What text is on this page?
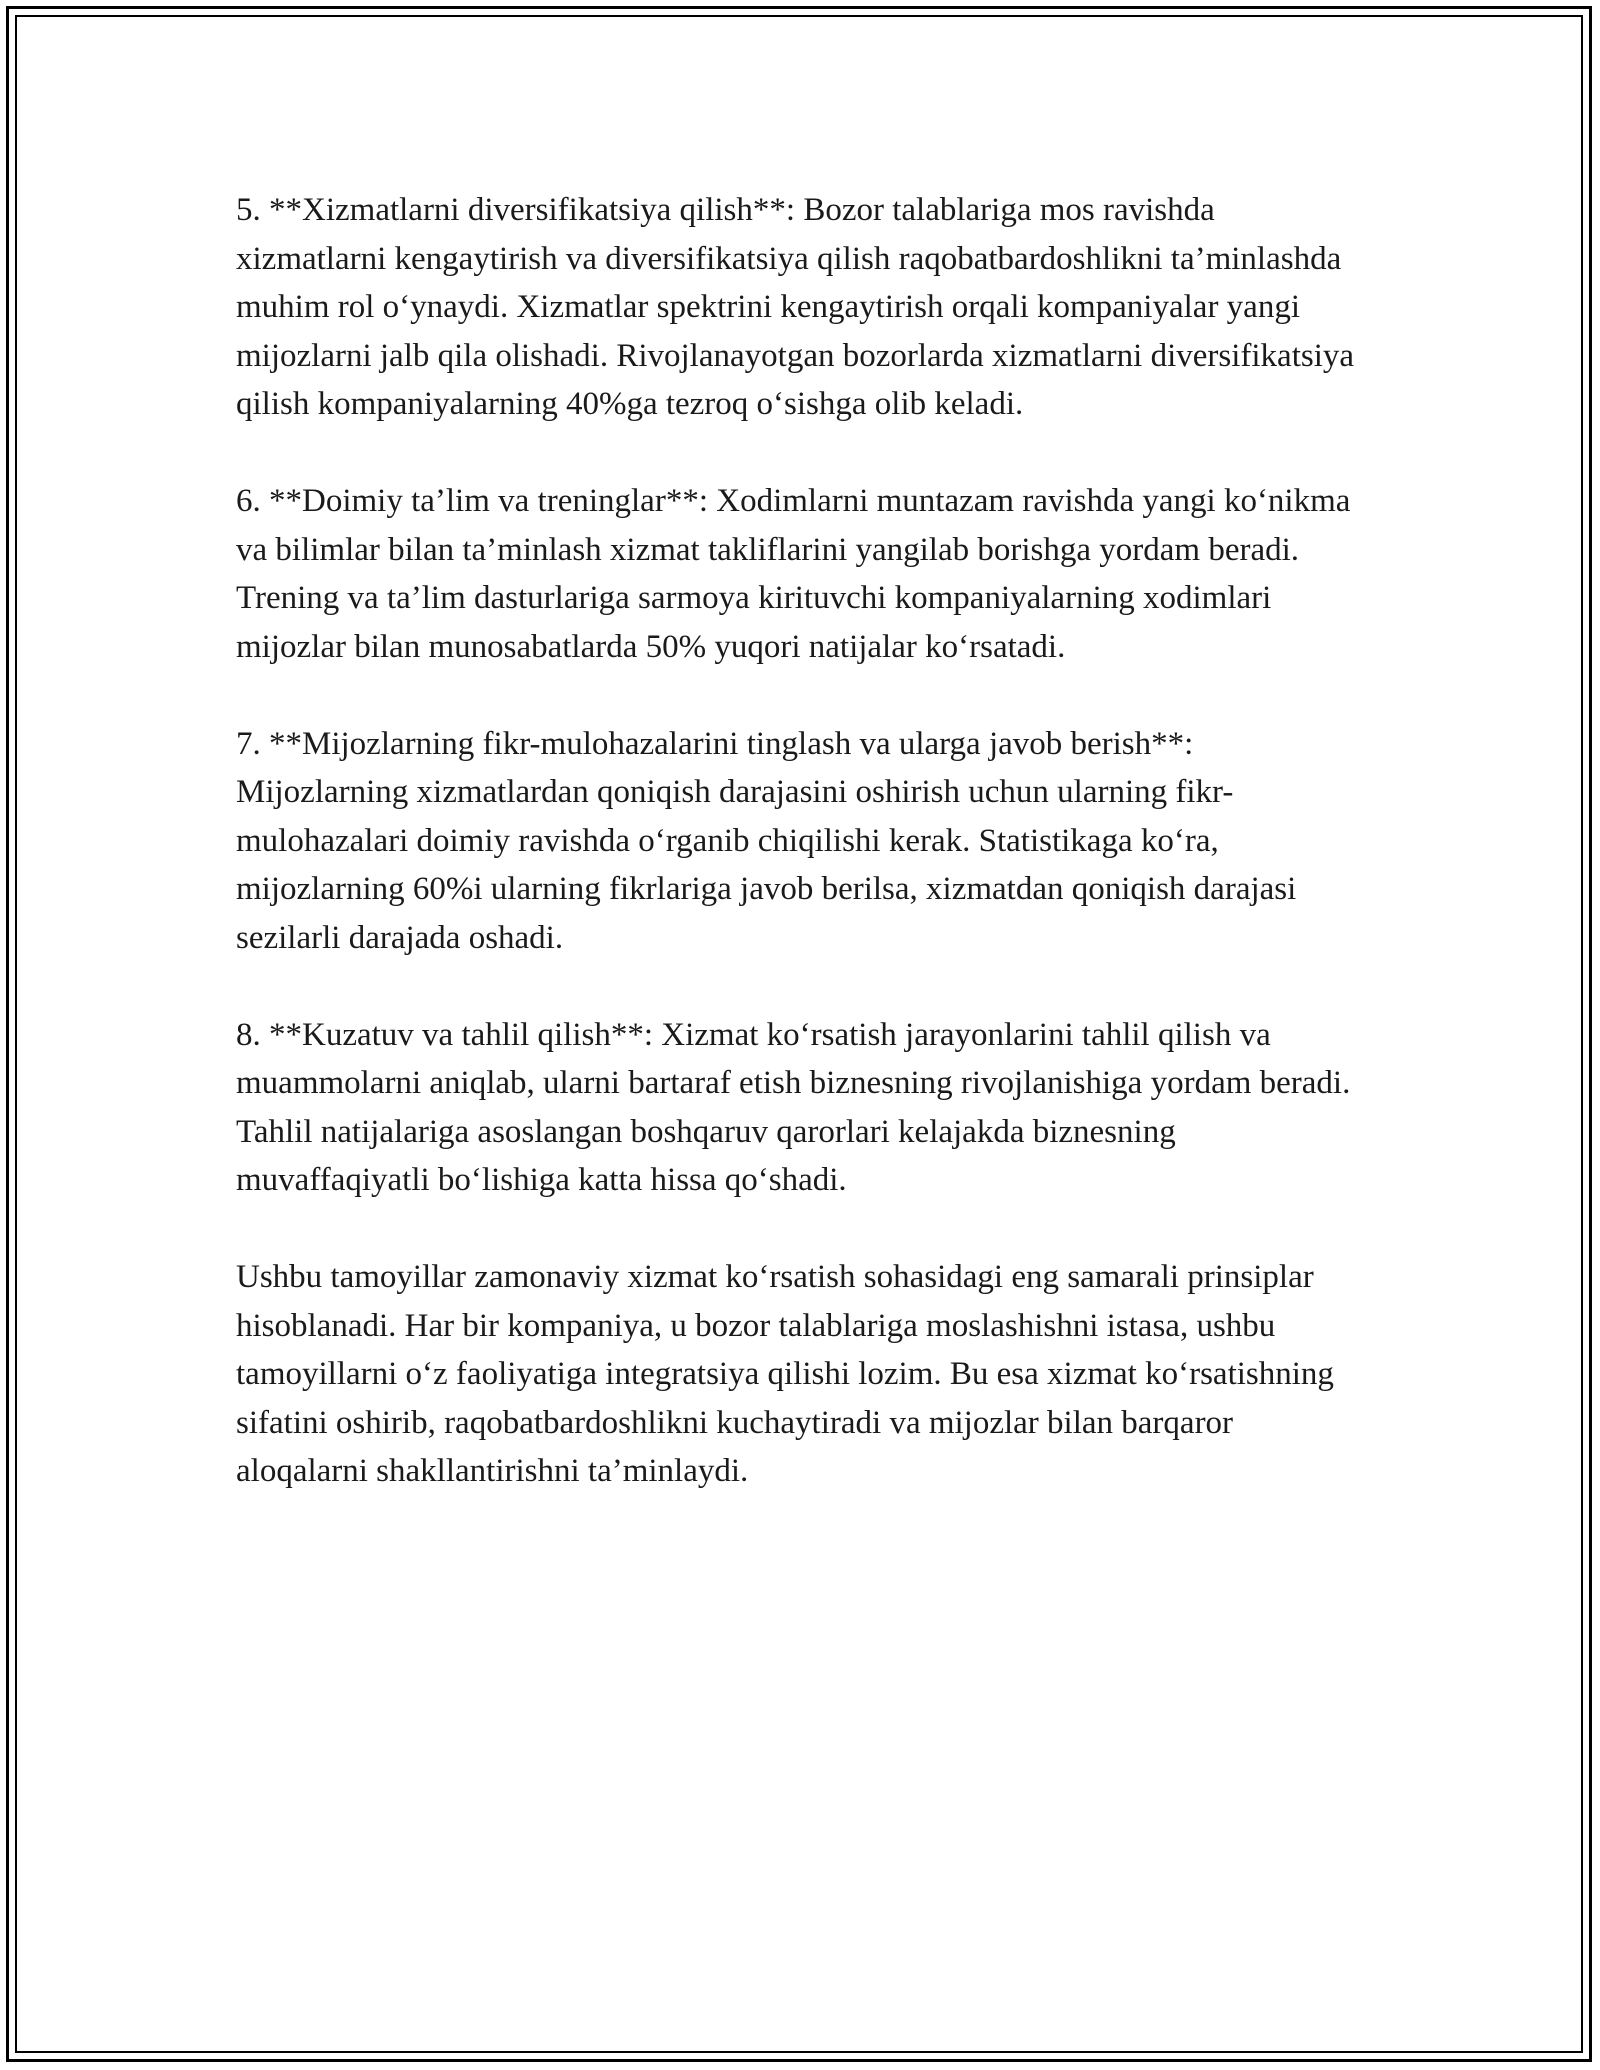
5. **Xizmatlarni diversifikatsiya qilish**: Bozor talablariga mos ravishda xizmatlarni kengaytirish va diversifikatsiya qilish raqobatbardoshlikni ta’minlashda muhim rol o‘ynaydi. Xizmatlar spektrini kengaytirish orqali kompaniyalar yangi mijozlarni jalb qila olishadi. Rivojlanayotgan bozorlarda xizmatlarni diversifikatsiya qilish kompaniyalarning 40%ga tezroq o‘sishga olib keladi.

6. **Doimiy ta’lim va treninglar**: Xodimlarni muntazam ravishda yangi ko‘nikma va bilimlar bilan ta’minlash xizmat takliflarini yangilab borishga yordam beradi. Trening va ta’lim dasturlariga sarmoya kirituvchi kompaniyalarning xodimlari mijozlar bilan munosabatlarda 50% yuqori natijalar ko‘rsatadi.

7. **Mijozlarning fikr-mulohazalarini tinglash va ularga javob berish**: Mijozlarning xizmatlardan qoniqish darajasini oshirish uchun ularning fikr-mulohazalari doimiy ravishda o‘rganib chiqilishi kerak. Statistikaga ko‘ra, mijozlarning 60%i ularning fikrlariga javob berilsa, xizmatdan qoniqish darajasi sezilarli darajada oshadi.

8. **Kuzatuv va tahlil qilish**: Xizmat ko‘rsatish jarayonlarini tahlil qilish va muammolarni aniqlab, ularni bartaraf etish biznesning rivojlanishiga yordam beradi. Tahlil natijalariga asoslangan boshqaruv qarorlari kelajakda biznesning muvaffaqiyatli bo‘lishiga katta hissa qo‘shadi.

Ushbu tamoyillar zamonaviy xizmat ko‘rsatish sohasidagi eng samarali prinsiplar hisoblanadi. Har bir kompaniya, u bozor talablariga moslashishni istasa, ushbu tamoyillarni o‘z faoliyatiga integratsiya qilishi lozim. Bu esa xizmat ko‘rsatishning sifatini oshirib, raqobatbardoshlikni kuchaytiradi va mijozlar bilan barqaror aloqalarni shakllantirishni ta’minlaydi.
